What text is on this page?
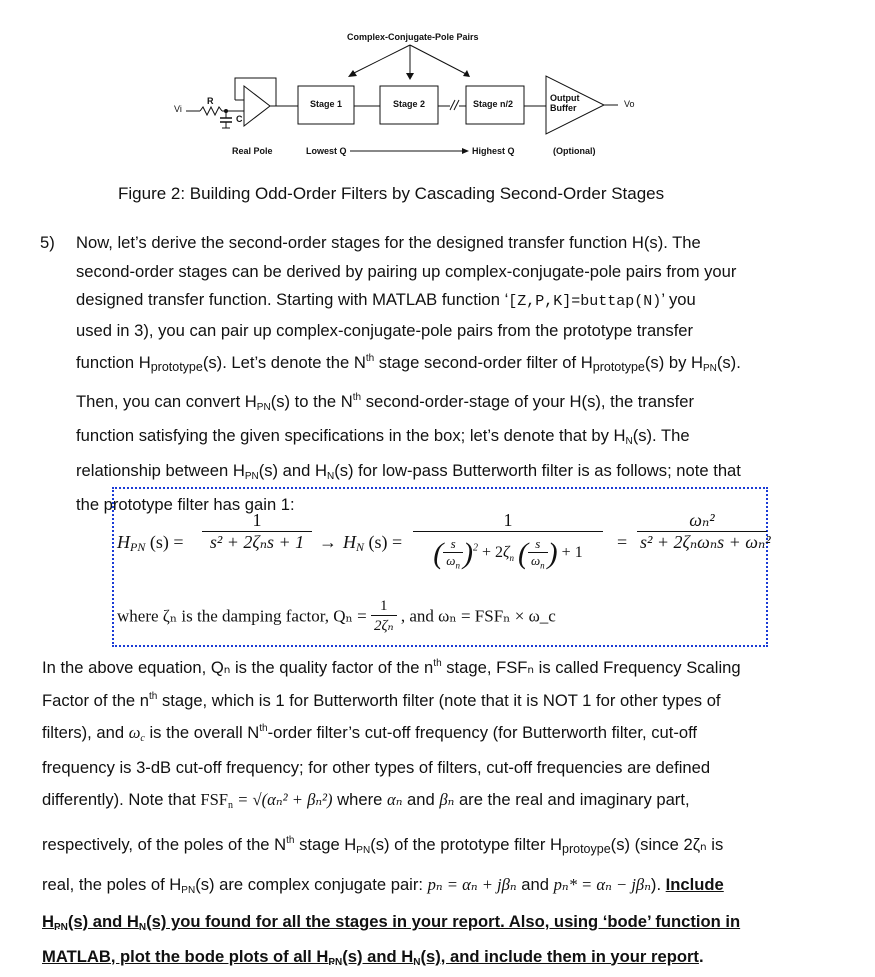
Complex-Conjugate-Pole Pairs
Vi
R
C
Stage 1	Stage 2	Stage n/2
Output
Buffer	Vo
Real Pole	Lowest Q	Highest Q	(Optional)
Figure 2: Building Odd-Order Filters by Cascading Second-Order Stages
5) Now, let’s derive the second-order stages for the designed transfer function H(s). The

second-order stages can be derived by pairing up complex-conjugate-pole pairs from your

designed transfer function. Starting with MATLAB function ‘[Z,P,K]=buttap(N)’ you

used in 3), you can pair up complex-conjugate-pole pairs from the prototype transfer

function $H_{prototype}(s)$. Let’s denote the $N^{th}$ stage second-order filter of $H_{prototype}(s)$ by $H_{PN}(s)$.

Then, you can convert $H_{PN}(s)$ to the $N^{th}$ second-order-stage of your H(s), the transfer

function satisfying the given specifications in the box; let’s denote that by $H_N(s)$. The

relationship between $H_{PN}(s)$ and $H_N(s)$ for low-pass Butterworth filter is as follows; note that

the prototype filter has gain 1:

$H_{PN}$ (s) =
1
$s^2 + 2\zeta_ns + 1 \to H_N$ (s) =
1
( $\frac{s}{\omega_n} )^2 + 2\zeta_n$ ( $\frac{s}{\omega_n}$ ) + 1
=
ωₙ²
s² + 2ζₙωₙs + ωₙ²
where ζₙ is the damping factor, $Q_n = \frac{1}{\text{2ζₙ}}$ , and ωₙ = FSFₙ × ω_c

In the above equation, Qₙ is the quality factor of the $n^{th}$ stage, FSFₙ is called Frequency Scaling

Factor of the $n^{th}$ stage, which is 1 for Butterworth filter (note that it is NOT 1 for other types of

filters), and $\omega_c$ is the overall $N^{th}$-order filter’s cut-off frequency (for Butterworth filter, cut-off

frequency is 3-dB cut-off frequency; for other types of filters, cut-off frequencies are defined

differently). Note that $FSF_n = √(\alpha_n^2 + \beta_n^2)$ where αₙ and βₙ are the real and imaginary part,

respectively, of the poles of the $N^{th}$ stage $H_{PN}(s)$ of the prototype filter $H_{protoype}(s)$ (since 2ζₙ is

real, the poles of $H_{PN}(s)$ are complex conjugate pair: pₙ = αₙ + jβₙ and pₙ* = αₙ − jβₙ). Include

$H_{PN}(s)$ and $H_N(s)$ you found for all the stages in your report. Also, using ‘bode’ function in

MATLAB, plot the bode plots of all $H_{PN}(s)$ and $H_N(s)$, and include them in your report.
